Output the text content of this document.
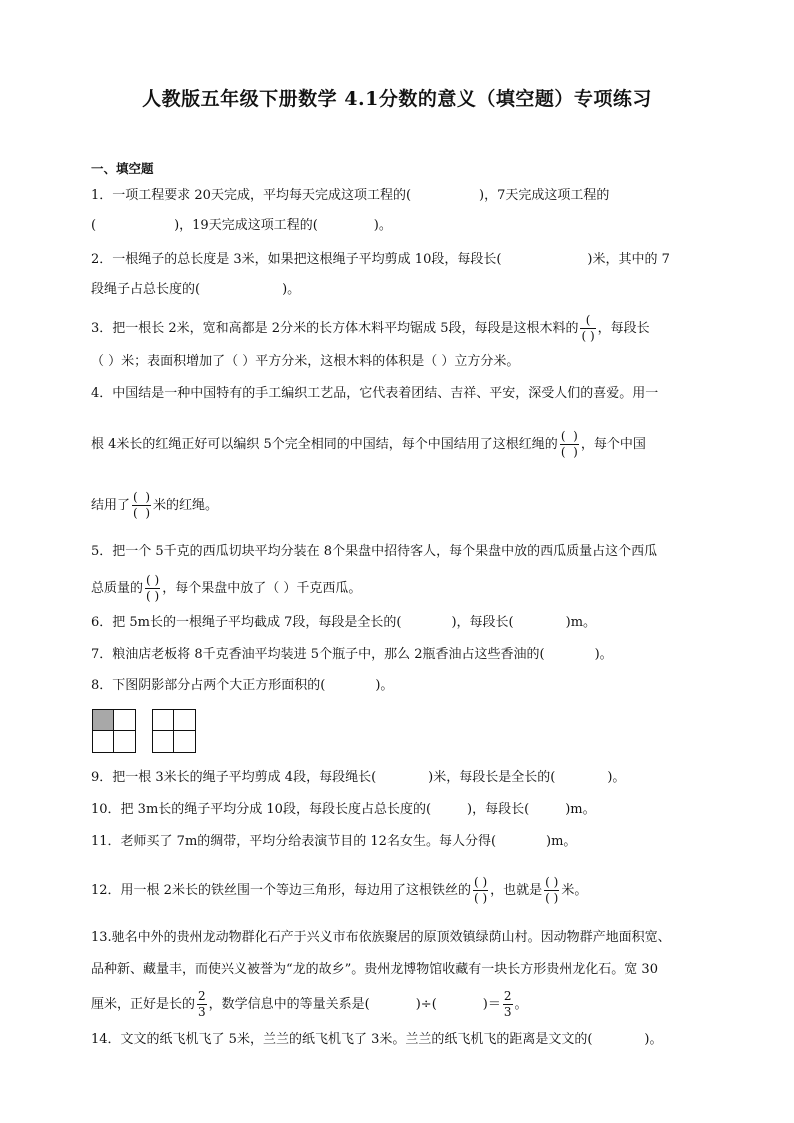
人教版五年级下册数学 4.1分数的意义（填空题）专项练习
一、填空题
1．一项工程要求 20天完成，平均每天完成这项工程的(	)，7天完成这项工程的
(	)，19天完成这项工程的(	)。
2．一根绳子的总长度是 3米，如果把这根绳子平均剪成 10段，每段长(	)米，其中的 7
段绳子占总长度的(	)。
3．把一根长 2米，宽和高都是 2分米的长方体木料平均锯成 5段，每段是这根木料的 $\frac{(}{( )}$ ，每段长
（ ）米；表面积增加了（ ）平方分米，这根木料的体积是（ ）立方分米。
4．中国结是一种中国特有的手工编织工艺品，它代表着团结、吉祥、平安，深受人们的喜爱。用一
根 4米长的红绳正好可以编织 5个完全相同的中国结，每个中国结用了这根红绳的 $\frac{( )}{( )}$ ，每个中国
结用了 $\frac{( )}{( )}$ 米的红绳。
5．把一个 5千克的西瓜切块平均分装在 8个果盘中招待客人，每个果盘中放的西瓜质量占这个西瓜
总质量的 $\frac{( )}{( )}$ ，每个果盘中放了（ ）千克西瓜。
6．把 5m长的一根绳子平均截成 7段，每段是全长的(	)，每段长(	)m。
7．粮油店老板将 8千克香油平均装进 5个瓶子中，那么 2瓶香油占这些香油的(	)。
8．下图阴影部分占两个大正方形面积的(	)。
9．把一根 3米长的绳子平均剪成 4段，每段绳长(	)米，每段长是全长的(	)。
10．把 3m长的绳子平均分成 10段，每段长度占总长度的(	)，每段长(	)m。
11．老师买了 7m的绸带，平均分给表演节目的 12名女生。每人分得(	)m。
12．用一根 2米长的铁丝围一个等边三角形，每边用了这根铁丝的 $\frac{( )}{( )}$ ，也就是 $\frac{( )}{( )}$ 米。
13.驰名中外的贵州龙动物群化石产于兴义市布依族聚居的原顶效镇绿荫山村。因动物群产地面积宽、
品种新、藏量丰，而使兴义被誉为“龙的故乡”。贵州龙博物馆收藏有一块长方形贵州龙化石。宽 30
厘米，正好是长的 $\frac{2}{3}$ ，数学信息中的等量关系是(	)÷(	)＝ $\frac{2}{3}$ 。
14．文文的纸飞机飞了 5米，兰兰的纸飞机飞了 3米。兰兰的纸飞机飞的距离是文文的(	)。
